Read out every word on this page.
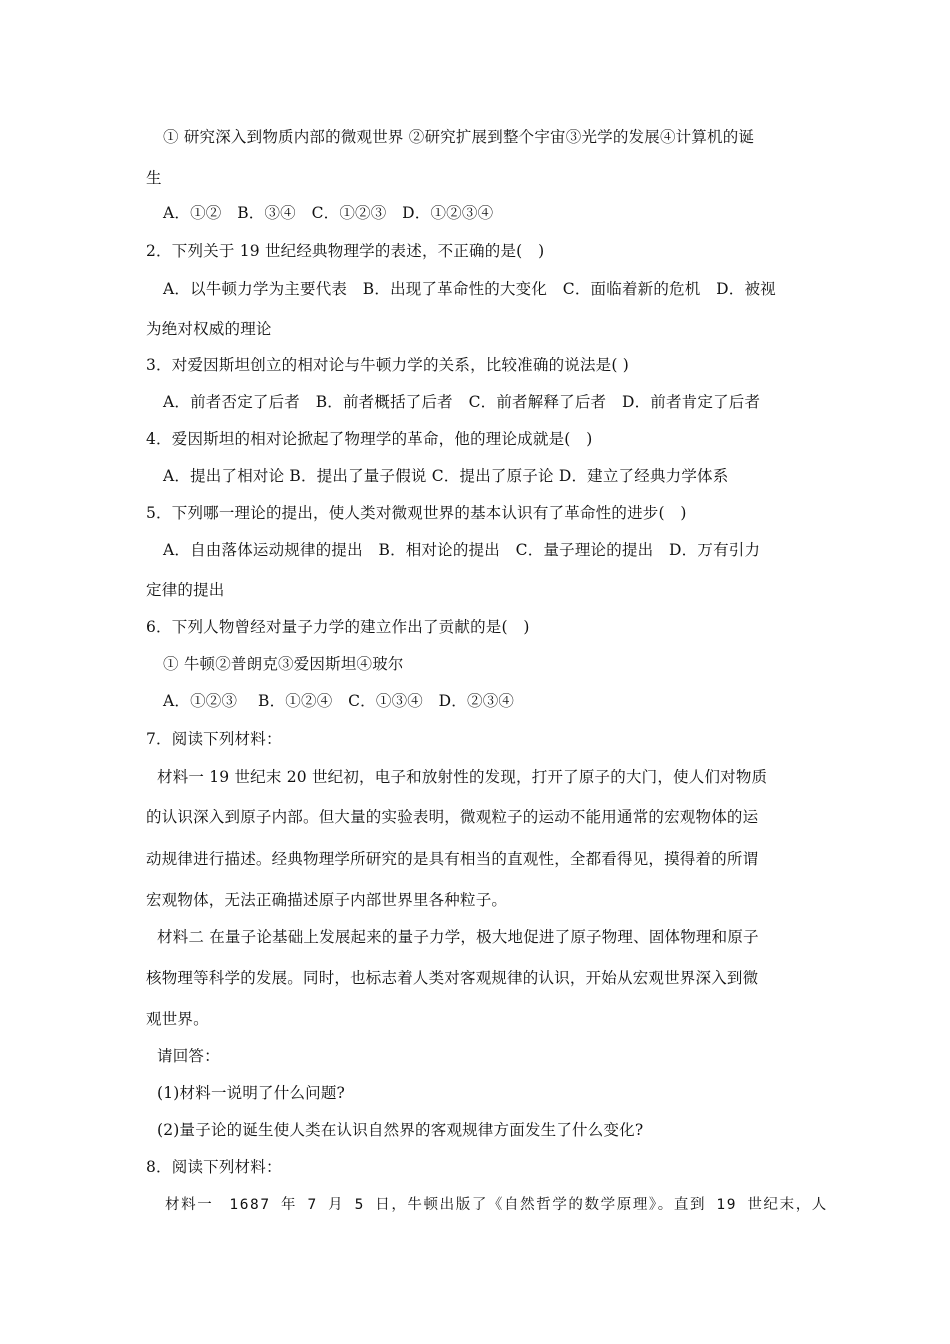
① 研究深入到物质内部的微观世界 ②研究扩展到整个宇宙③光学的发展④计算机的诞
生
A．①②　B．③④　C．①②③　D．①②③④
2．下列关于 19 世纪经典物理学的表述，不正确的是(　)
A．以牛顿力学为主要代表　B．出现了革命性的大变化　C．面临着新的危机　D．被视
为绝对权威的理论
3．对爱因斯坦创立的相对论与牛顿力学的关系，比较准确的说法是( )
A．前者否定了后者　B．前者概括了后者　C．前者解释了后者　D．前者肯定了后者
4．爱因斯坦的相对论掀起了物理学的革命，他的理论成就是(　)
A．提出了相对论 B．提出了量子假说 C．提出了原子论 D．建立了经典力学体系
5．下列哪一理论的提出，使人类对微观世界的基本认识有了革命性的进步(　)
A．自由落体运动规律的提出　B．相对论的提出　C．量子理论的提出　D．万有引力
定律的提出
6．下列人物曾经对量子力学的建立作出了贡献的是(　)
① 牛顿②普朗克③爱因斯坦④玻尔
A．①②③　 B．①②④　C．①③④　D．②③④
7．阅读下列材料：
材料一 19 世纪末 20 世纪初，电子和放射性的发现，打开了原子的大门，使人们对物质
的认识深入到原子内部。但大量的实验表明，微观粒子的运动不能用通常的宏观物体的运
动规律进行描述。经典物理学所研究的是具有相当的直观性，全都看得见，摸得着的所谓
宏观物体，无法正确描述原子内部世界里各种粒子。
材料二 在量子论基础上发展起来的量子力学，极大地促进了原子物理、固体物理和原子
核物理等科学的发展。同时，也标志着人类对客观规律的认识，开始从宏观世界深入到微
观世界。
请回答：
(1)材料一说明了什么问题?
(2)量子论的诞生使人类在认识自然界的客观规律方面发生了什么变化?
8．阅读下列材料：
材料一　1687 年 7 月 5 日，牛顿出版了《自然哲学的数学原理》。直到 19 世纪末，人
